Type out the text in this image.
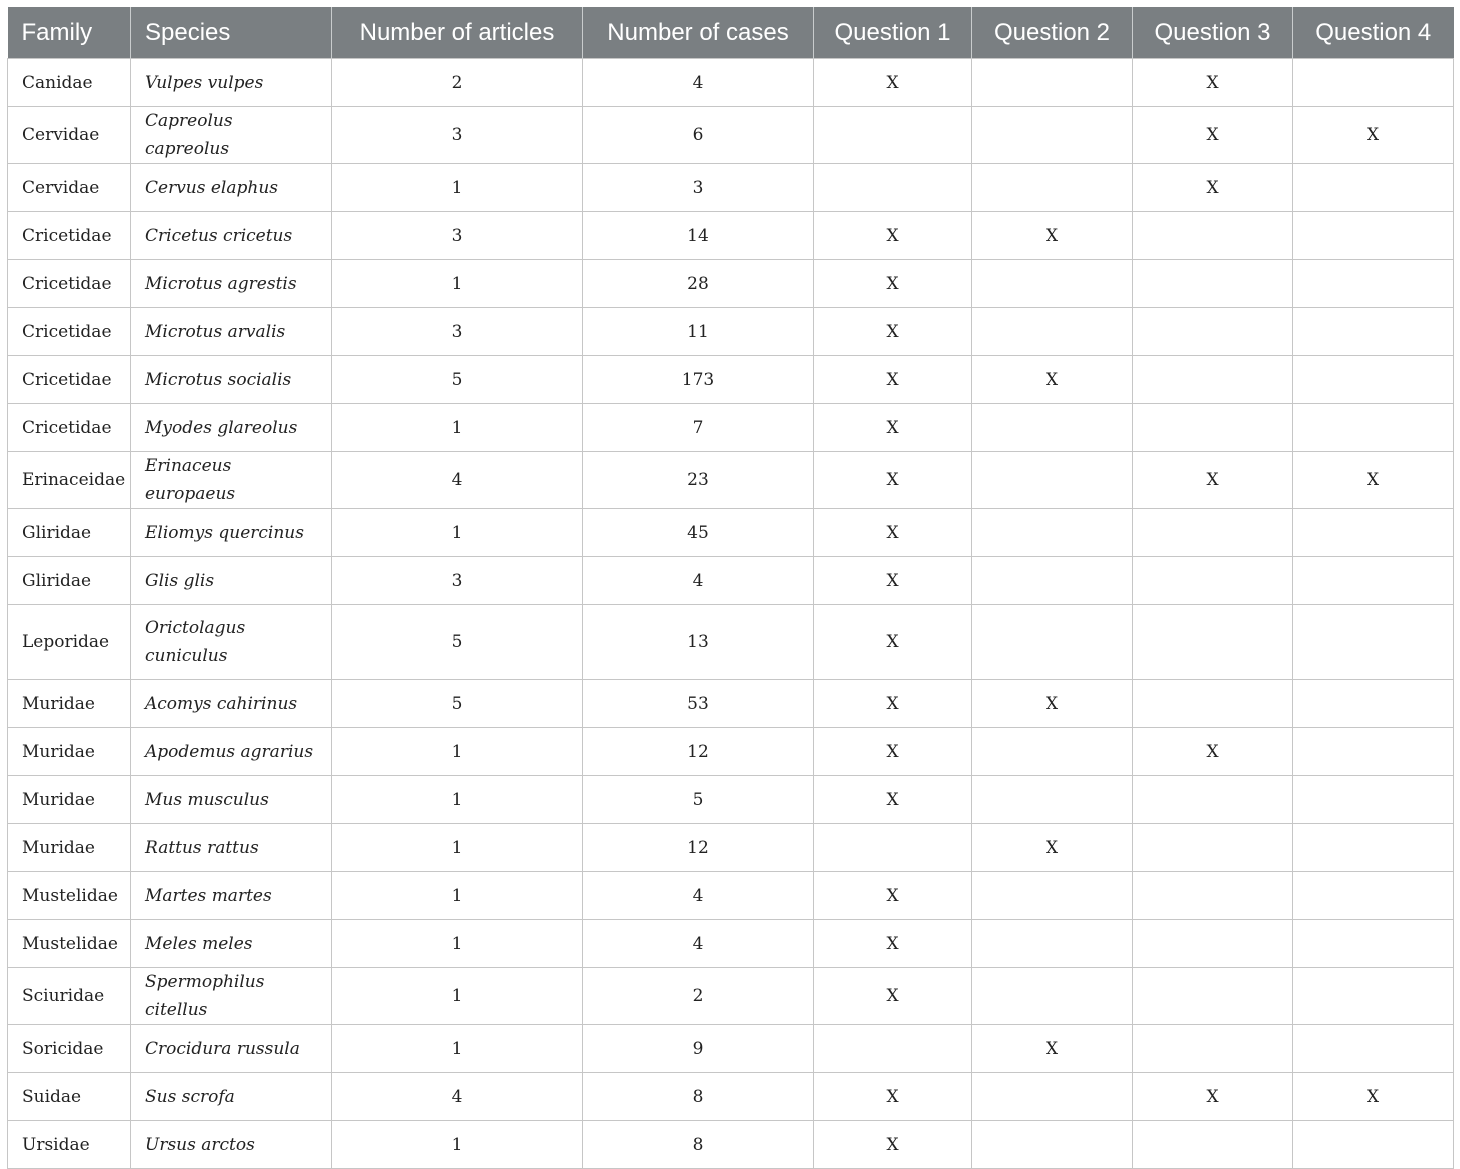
Family	Species	Number of articles	Number of cases	Question 1	Question 2	Question 3	Question 4
Canidae	Vulpes vulpes	2	4	X		X	
Cervidae	Capreolus capreolus	3	6			X	X
Cervidae	Cervus elaphus	1	3			X	
Cricetidae	Cricetus cricetus	3	14	X	X		
Cricetidae	Microtus agrestis	1	28	X			
Cricetidae	Microtus arvalis	3	11	X			
Cricetidae	Microtus socialis	5	173	X	X		
Cricetidae	Myodes glareolus	1	7	X			
Erinaceidae	Erinaceus europaeus	4	23	X		X	X
Gliridae	Eliomys quercinus	1	45	X			
Gliridae	Glis glis	3	4	X			
Leporidae	Orictolagus cuniculus	5	13	X			
Muridae	Acomys cahirinus	5	53	X	X		
Muridae	Apodemus agrarius	1	12	X		X	
Muridae	Mus musculus	1	5	X			
Muridae	Rattus rattus	1	12		X		
Mustelidae	Martes martes	1	4	X			
Mustelidae	Meles meles	1	4	X			
Sciuridae	Spermophilus citellus	1	2	X			
Soricidae	Crocidura russula	1	9		X		
Suidae	Sus scrofa	4	8	X		X	X
Ursidae	Ursus arctos	1	8	X			
